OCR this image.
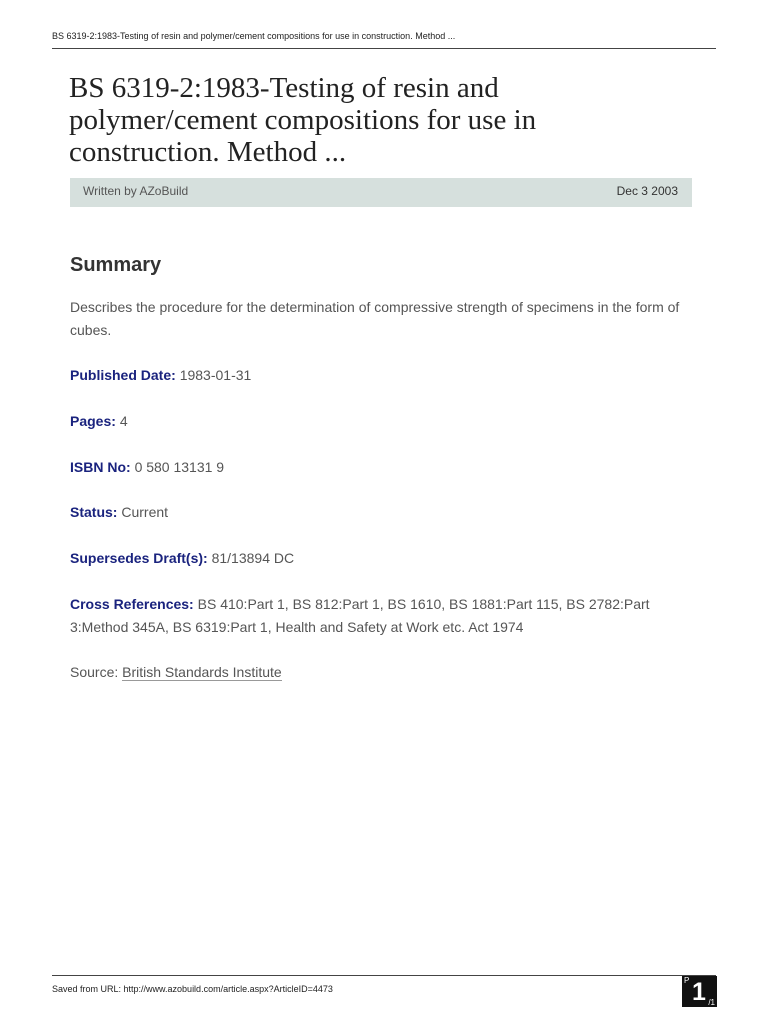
BS 6319-2:1983-Testing of resin and polymer/cement compositions for use in construction. Method ...
BS 6319-2:1983-Testing of resin and polymer/cement compositions for use in construction. Method ...
Written by AZoBuild	Dec 3 2003
Summary

Describes the procedure for the determination of compressive strength of specimens in the form of cubes.

Published Date: 1983-01-31

Pages: 4

ISBN No: 0 580 13131 9

Status: Current

Supersedes Draft(s): 81/13894 DC

Cross References: BS 410:Part 1, BS 812:Part 1, BS 1610, BS 1881:Part 115, BS 2782:Part 3:Method 345A, BS 6319:Part 1, Health and Safety at Work etc. Act 1974

Source: British Standards Institute

Saved from URL: http://www.azobuild.com/article.aspx?ArticleID=4473
P 1 /1
